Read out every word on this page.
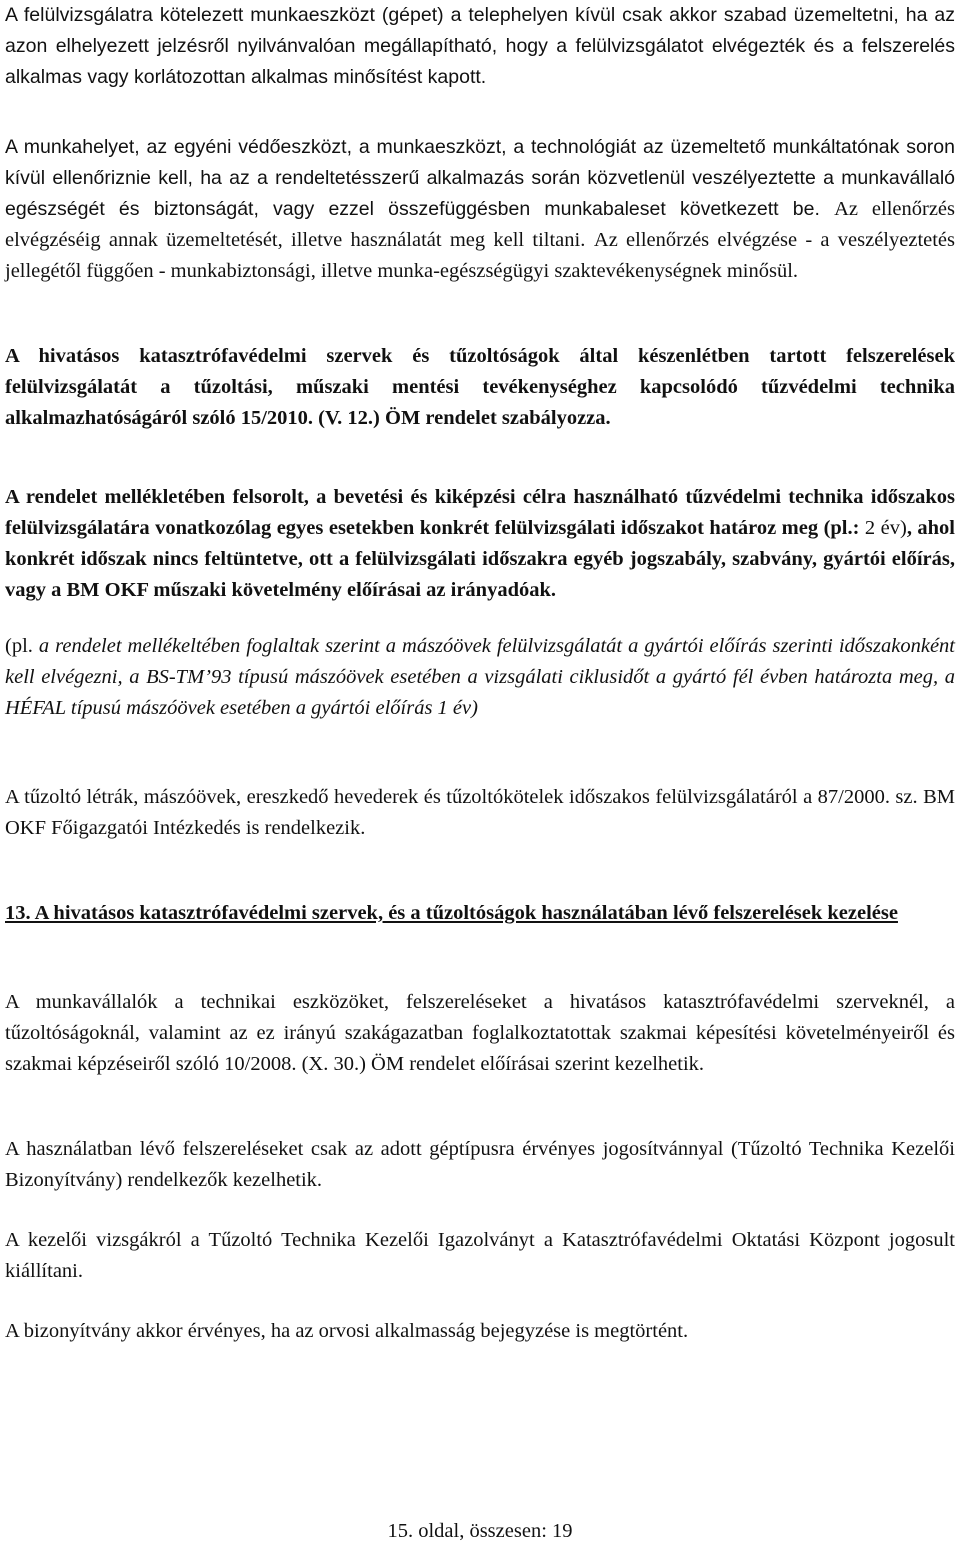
A felülvizsgálatra kötelezett munkaeszközt (gépet) a telephelyen kívül csak akkor szabad üzemeltetni, ha az azon elhelyezett jelzésről nyilvánvalóan megállapítható, hogy a felülvizsgálatot elvégezték és a felszerelés alkalmas vagy korlátozottan alkalmas minősítést kapott.

A munkahelyet, az egyéni védőeszközt, a munkaeszközt, a technológiát az üzemeltető munkáltatónak soron kívül ellenőriznie kell, ha az a rendeltetésszerű alkalmazás során közvetlenül veszélyeztette a munkavállaló egészségét és biztonságát, vagy ezzel összefüggésben munkabaleset következett be. Az ellenőrzés elvégzéséig annak üzemeltetését, illetve használatát meg kell tiltani. Az ellenőrzés elvégzése - a veszélyeztetés jellegétől függően - munkabiztonsági, illetve munka-egészségügyi szaktevékenységnek minősül.

A hivatásos katasztrófavédelmi szervek és tűzoltóságok által készenlétben tartott felszerelések felülvizsgálatát a tűzoltási, műszaki mentési tevékenységhez kapcsolódó tűzvédelmi technika alkalmazhatóságáról szóló 15/2010. (V. 12.) ÖM rendelet szabályozza.

A rendelet mellékletében felsorolt, a bevetési és kiképzési célra használható tűzvédelmi technika időszakos felülvizsgálatára vonatkozólag egyes esetekben konkrét felülvizsgálati időszakot határoz meg (pl.: 2 év), ahol konkrét időszak nincs feltüntetve, ott a felülvizsgálati időszakra egyéb jogszabály, szabvány, gyártói előírás, vagy a BM OKF műszaki követelmény előírásai az irányadóak.

(pl. a rendelet mellékeltében foglaltak szerint a mászóövek felülvizsgálatát a gyártói előírás szerinti időszakonként kell elvégezni, a BS-TM’93 típusú mászóövek esetében a vizsgálati ciklusidőt a gyártó fél évben határozta meg, a HÉFAL típusú mászóövek esetében a gyártói előírás 1 év)

A tűzoltó létrák, mászóövek, ereszkedő hevederek és tűzoltókötelek időszakos felülvizsgálatáról a 87/2000. sz. BM OKF Főigazgatói Intézkedés is rendelkezik.

13. A hivatásos katasztrófavédelmi szervek, és a tűzoltóságok használatában lévő felszerelések kezelése

A munkavállalók a technikai eszközöket, felszereléseket a hivatásos katasztrófavédelmi szerveknél, a tűzoltóságoknál, valamint az ez irányú szakágazatban foglalkoztatottak szakmai képesítési követelményeiről és szakmai képzéseiről szóló 10/2008. (X. 30.) ÖM rendelet előírásai szerint kezelhetik.

A használatban lévő felszereléseket csak az adott géptípusra érvényes jogosítvánnyal (Tűzoltó Technika Kezelői Bizonyítvány) rendelkezők kezelhetik.

A kezelői vizsgákról a Tűzoltó Technika Kezelői Igazolványt a Katasztrófavédelmi Oktatási Központ jogosult kiállítani.

A bizonyítvány akkor érvényes, ha az orvosi alkalmasság bejegyzése is megtörtént.

15. oldal, összesen: 19
